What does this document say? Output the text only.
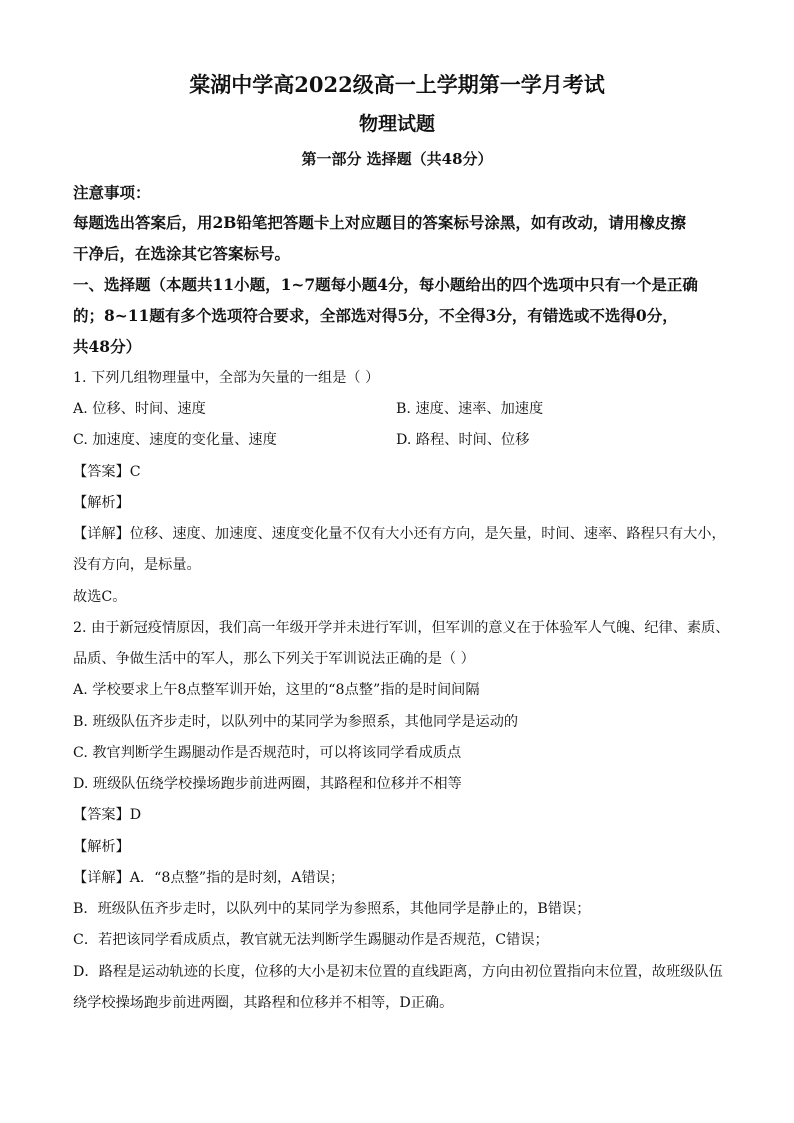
棠湖中学高2022级高一上学期第一学月考试
物理试题
第一部分 选择题（共48分）
注意事项：
每题选出答案后，用2B铅笔把答题卡上对应题目的答案标号涂黑，如有改动，请用橡皮擦
干净后，在选涂其它答案标号。
一、选择题（本题共11小题，1~7题每小题4分，每小题给出的四个选项中只有一个是正确
的；8~11题有多个选项符合要求，全部选对得5分，不全得3分，有错选或不选得0分，
共48分）
1. 下列几组物理量中，全部为矢量的一组是（ ）
A. 位移、时间、速度	B. 速度、速率、加速度
C. 加速度、速度的变化量、速度	D. 路程、时间、位移
【答案】C
【解析】
【详解】位移、速度、加速度、速度变化量不仅有大小还有方向，是矢量，时间、速率、路程只有大小，
没有方向，是标量。
故选C。
2. 由于新冠疫情原因，我们高一年级开学并未进行军训，但军训的意义在于体验军人气魄、纪律、素质、
品质、争做生活中的军人，那么下列关于军训说法正确的是（ ）
A. 学校要求上午8点整军训开始，这里的“8点整”指的是时间间隔
B. 班级队伍齐步走时，以队列中的某同学为参照系，其他同学是运动的
C. 教官判断学生踢腿动作是否规范时，可以将该同学看成质点
D. 班级队伍绕学校操场跑步前进两圈，其路程和位移并不相等
【答案】D
【解析】
【详解】A．“8点整”指的是时刻，A错误；
B．班级队伍齐步走时，以队列中的某同学为参照系，其他同学是静止的，B错误；
C．若把该同学看成质点，教官就无法判断学生踢腿动作是否规范，C错误；
D．路程是运动轨迹的长度，位移的大小是初末位置的直线距离，方向由初位置指向末位置，故班级队伍
绕学校操场跑步前进两圈，其路程和位移并不相等，D正确。
